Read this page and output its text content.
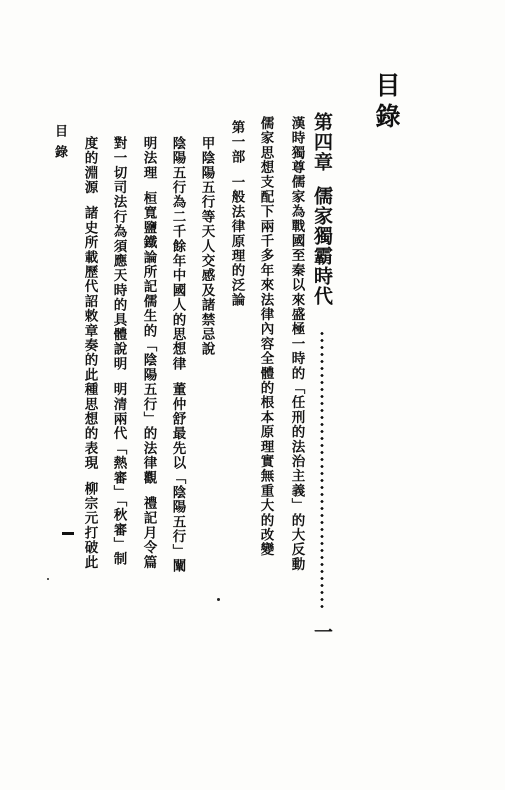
目錄
目錄	第四章儒家獨霸時代
一
漢時獨尊儒家為戰國至秦以來盛極一時的「任刑的法治主義」的大反動
儒家思想支配下兩千多年來法律內容全體的根本原理實無重大的改變
第一部一般法律原理的泛論
甲陰陽五行等天人交感及諸禁忌說
陰陽五行為二千餘年中國人的思想律董仲舒最先以「陰陽五行」闡
明法理桓寬鹽鐵論所記儒生的「陰陽五行」的法律觀禮記月令篇
對一切司法行為須應天時的具體說明明清兩代「熱審」「秋審」制
度的淵源諸史所載歷代詔敕章奏的此種思想的表現柳宗元打破此
